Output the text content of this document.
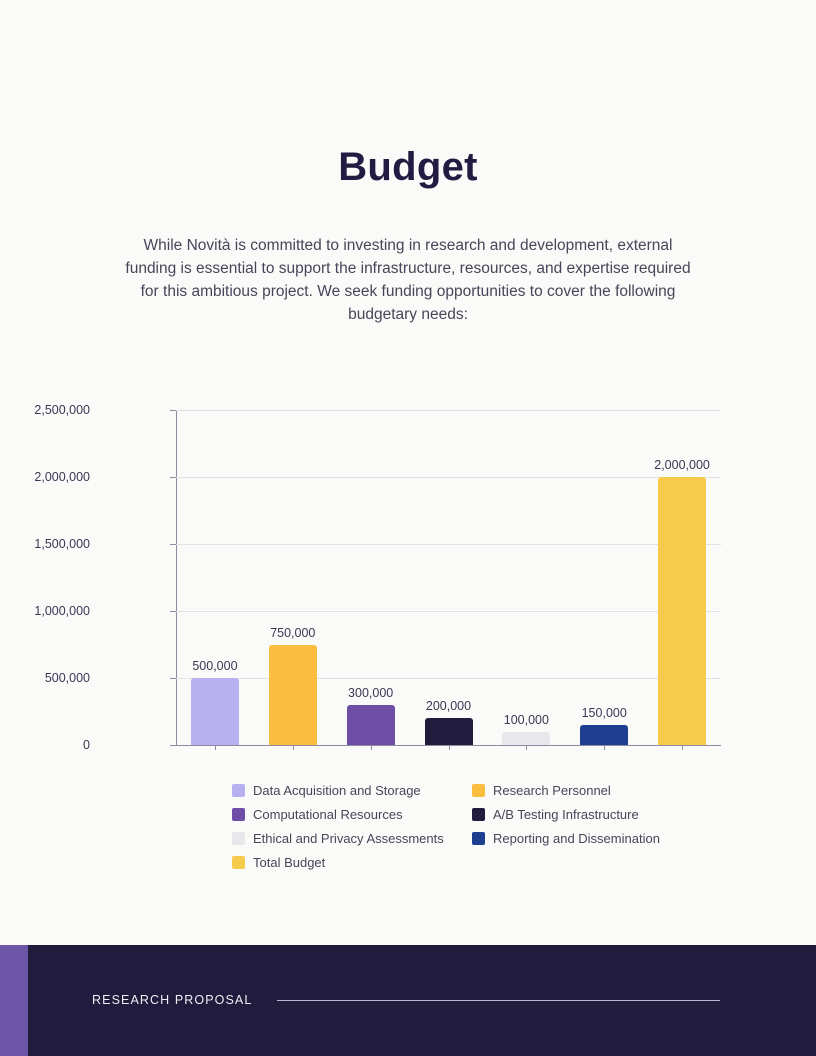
Budget

While Novità is committed to investing in research and development, external funding is essential to support the infrastructure, resources, and expertise required for this ambitious project. We seek funding opportunities to cover the following budgetary needs:

0
500,000
1,000,000
1,500,000
2,000,000
2,500,000
500,000
750,000
300,000
200,000
100,000	150,000
2,000,000
Data Acquisition and Storage	Research Personnel
Computational Resources	A/B Testing Infrastructure
Ethical and Privacy Assessments	Reporting and Dissemination
Total Budget
RESEARCH PROPOSAL
